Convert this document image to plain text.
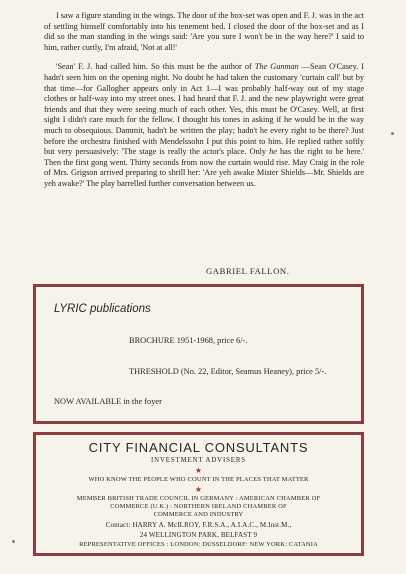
I saw a figure standing in the wings. The door of the box-set was open and F. J. was in the act of settling himself comfortably into his tenement bed. I closed the door of the box-set and as I did so the man standing in the wings said: 'Are you sure I won't be in the way here?' I said to him, rather curtly, I'm afraid, 'Not at all!'

'Sean' F. J. had called him. So this must be the author of The Gunman —Sean O'Casey. I hadn't seen him on the opening night. No doubt he had taken the customary 'curtain call' but by that time—for Gallogher appears only in Act 1—I was probably half-way out of my stage clothes or half-way into my street ones. I had heard that F. J. and the new playwright were great friends and that they were seeing much of each other. Yes, this must be O'Casey. Well, at first sight I didn't care much for the fellow. I thought his tones in asking if he would be in the way much to obsequious. Dammit, hadn't he written the play; hadn't he every right to be there? Just before the orchestra finished with Mendelssohn I put this point to him. He replied rather softly but very persuasively: 'The stage is really the actor's place. Only he has the right to be here.' Then the first gong went. Thirty seconds from now the curtain would rise. May Craig in the role of Mrs. Grigson arrived preparing to shrill her: 'Are yeh awake Mister Shields—Mr. Shields are yeh awake?' The play barrelled further conversation between us.

GABRIEL FALLON.
LYRIC publications
BROCHURE 1951-1968, price 6/-.
THRESHOLD (No. 22, Editor, Seamus Heaney), price 5/-.
NOW AVAILABLE in the foyer
CITY FINANCIAL CONSULTANTS
INVESTMENT ADVISERS
★
WHO KNOW THE PEOPLE WHO COUNT IN THE PLACES THAT MATTER
★
MEMBER BRITISH TRADE COUNCIL IN GERMANY : AMERICAN CHAMBER OF
COMMERCE (U.K.) : NORTHERN IRELAND CHAMBER OF
COMMERCE AND INDUSTRY
Contact: HARRY A. McILROY, F.R.S.A., A.I.A.C., M.Inst.M.,
24 WELLINGTON PARK, BELFAST 9
REPRESENTATIVE OFFICES : LONDON: DUSSELDORF: NEW YORK: CATANIA
